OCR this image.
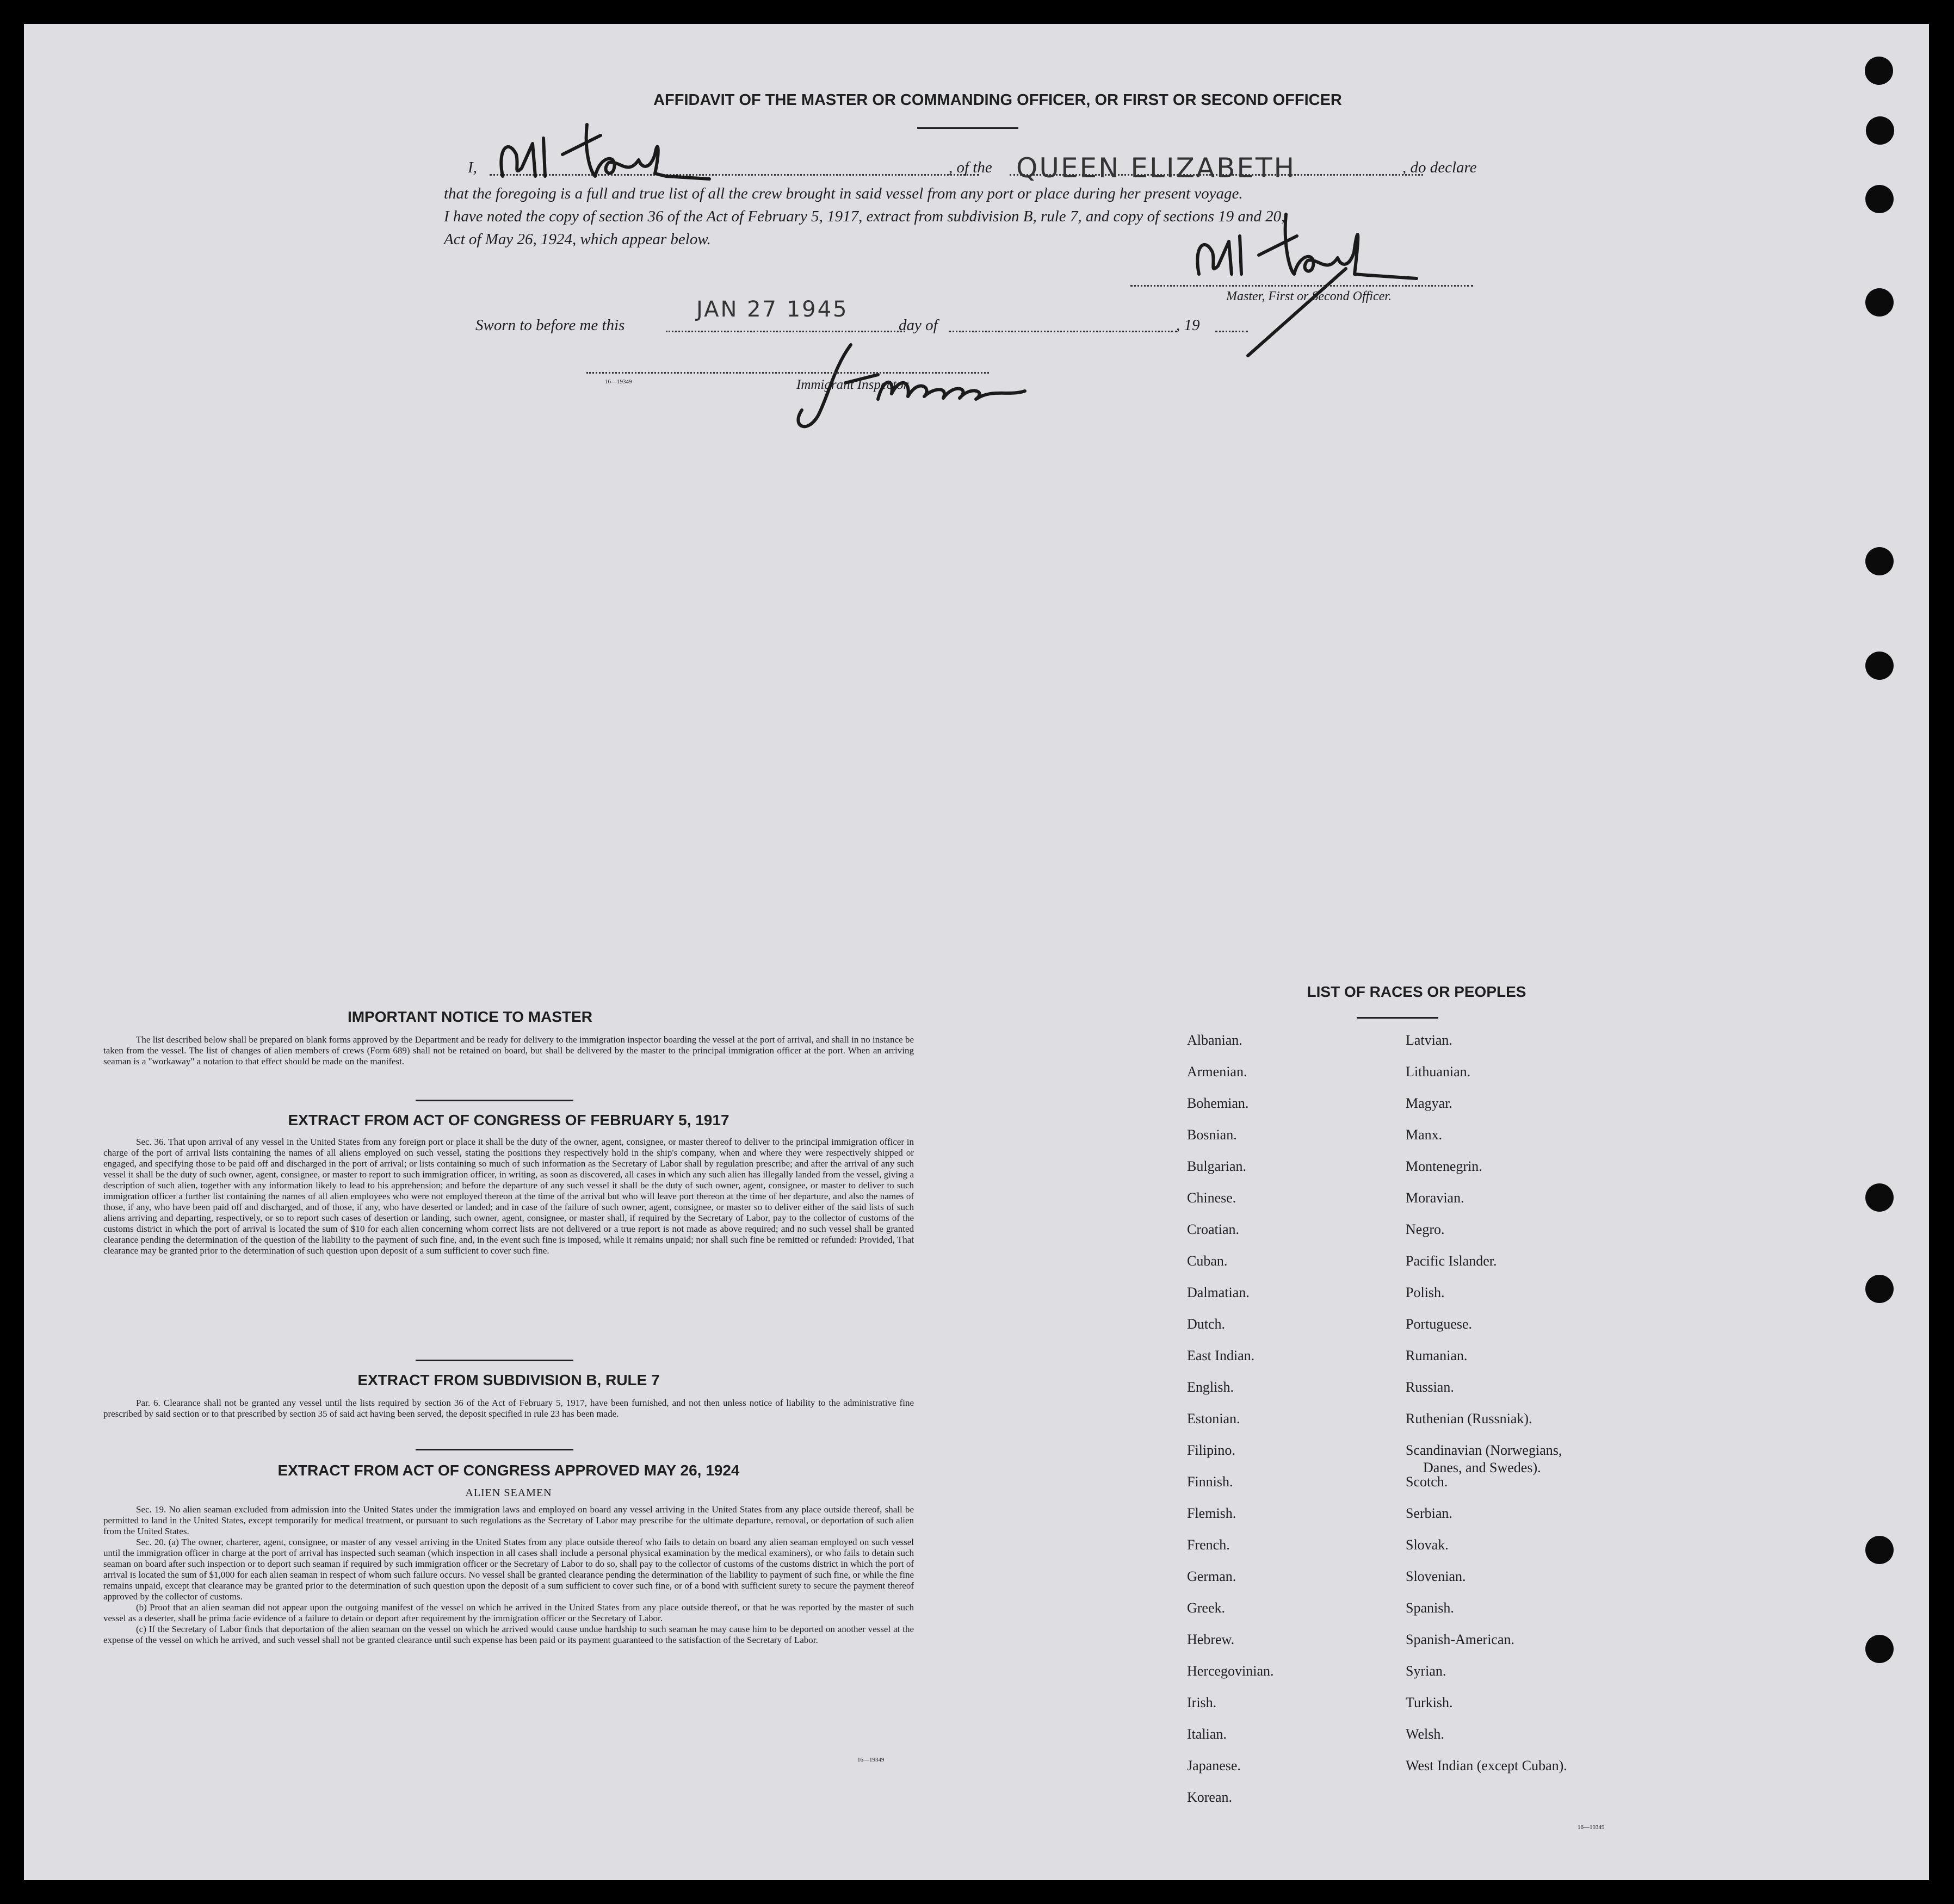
AFFIDAVIT OF THE MASTER OR COMMANDING OFFICER, OR FIRST OR SECOND OFFICER
I,	, of the QUEEN ELIZABETH	, do declare
that the foregoing is a full and true list of all the crew brought in said vessel from any port or place during her present voyage.
I have noted the copy of section 36 of the Act of February 5, 1917, extract from subdivision B, rule 7, and copy of sections 19 and 20,
Act of May 26, 1924, which appear below.
Master, First or Second Officer.
Sworn to before me this
JAN 27 1945
day of	, 19
16—19349	Immigrant Inspector.
IMPORTANT NOTICE TO MASTER
The list described below shall be prepared on blank forms approved by the Department and be ready for delivery to the immigration inspector boarding the vessel at the port of arrival, and shall in no instance be taken from the vessel. The list of changes of alien members of crews (Form 689) shall not be retained on board, but shall be delivered by the master to the principal immigration officer at the port. When an arriving seaman is a "workaway" a notation to that effect should be made on the manifest.
EXTRACT FROM ACT OF CONGRESS OF FEBRUARY 5, 1917
Sec. 36. That upon arrival of any vessel in the United States from any foreign port or place it shall be the duty of the owner, agent, consignee, or master thereof to deliver to the principal immigration officer in charge of the port of arrival lists containing the names of all aliens employed on such vessel, stating the positions they respectively hold in the ship's company, when and where they were respectively shipped or engaged, and specifying those to be paid off and discharged in the port of arrival; or lists containing so much of such information as the Secretary of Labor shall by regulation prescribe; and after the arrival of any such vessel it shall be the duty of such owner, agent, consignee, or master to report to such immigration officer, in writing, as soon as discovered, all cases in which any such alien has illegally landed from the vessel, giving a description of such alien, together with any information likely to lead to his apprehension; and before the departure of any such vessel it shall be the duty of such owner, agent, consignee, or master to deliver to such immigration officer a further list containing the names of all alien employees who were not employed thereon at the time of the arrival but who will leave port thereon at the time of her departure, and also the names of those, if any, who have been paid off and discharged, and of those, if any, who have deserted or landed; and in case of the failure of such owner, agent, consignee, or master so to deliver either of the said lists of such aliens arriving and departing, respectively, or so to report such cases of desertion or landing, such owner, agent, consignee, or master shall, if required by the Secretary of Labor, pay to the collector of customs of the customs district in which the port of arrival is located the sum of $10 for each alien concerning whom correct lists are not delivered or a true report is not made as above required; and no such vessel shall be granted clearance pending the determination of the question of the liability to the payment of such fine, and, in the event such fine is imposed, while it remains unpaid; nor shall such fine be remitted or refunded: Provided, That clearance may be granted prior to the determination of such question upon deposit of a sum sufficient to cover such fine.
EXTRACT FROM SUBDIVISION B, RULE 7
Par. 6. Clearance shall not be granted any vessel until the lists required by section 36 of the Act of February 5, 1917, have been furnished, and not then unless notice of liability to the administrative fine prescribed by said section or to that prescribed by section 35 of said act having been served, the deposit specified in rule 23 has been made.
EXTRACT FROM ACT OF CONGRESS APPROVED MAY 26, 1924
ALIEN SEAMEN
Sec. 19. No alien seaman excluded from admission into the United States under the immigration laws and employed on board any vessel arriving in the United States from any place outside thereof, shall be permitted to land in the United States, except temporarily for medical treatment, or pursuant to such regulations as the Secretary of Labor may prescribe for the ultimate departure, removal, or deportation of such alien from the United States.
Sec. 20. (a) The owner, charterer, agent, consignee, or master of any vessel arriving in the United States from any place outside thereof who fails to detain on board any alien seaman employed on such vessel until the immigration officer in charge at the port of arrival has inspected such seaman (which inspection in all cases shall include a personal physical examination by the medical examiners), or who fails to detain such seaman on board after such inspection or to deport such seaman if required by such immigration officer or the Secretary of Labor to do so, shall pay to the collector of customs of the customs district in which the port of arrival is located the sum of $1,000 for each alien seaman in respect of whom such failure occurs. No vessel shall be granted clearance pending the determination of the liability to payment of such fine, or while the fine remains unpaid, except that clearance may be granted prior to the determination of such question upon the deposit of a sum sufficient to cover such fine, or of a bond with sufficient surety to secure the payment thereof approved by the collector of customs.
(b) Proof that an alien seaman did not appear upon the outgoing manifest of the vessel on which he arrived in the United States from any place outside thereof, or that he was reported by the master of such vessel as a deserter, shall be prima facie evidence of a failure to detain or deport after requirement by the immigration officer or the Secretary of Labor.
(c) If the Secretary of Labor finds that deportation of the alien seaman on the vessel on which he arrived would cause undue hardship to such seaman he may cause him to be deported on another vessel at the expense of the vessel on which he arrived, and such vessel shall not be granted clearance until such expense has been paid or its payment guaranteed to the satisfaction of the Secretary of Labor.
16—19349
LIST OF RACES OR PEOPLES
16—19349
Albanian.
Armenian.
Bohemian.
Bosnian.
Bulgarian.
Chinese.
Croatian.
Cuban.
Dalmatian.
Dutch.
East Indian.
English.
Estonian.
Filipino.
Finnish.
Flemish.
French.
German.
Greek.
Hebrew.
Hercegovinian.
Irish.
Italian.
Japanese.
Korean.
Latvian.
Lithuanian.
Magyar.
Manx.
Montenegrin.
Moravian.
Negro.
Pacific Islander.
Polish.
Portuguese.
Rumanian.
Russian.
Ruthenian (Russniak).
Scandinavian (Norwegians,
Danes, and Swedes).
Scotch.
Serbian.
Slovak.
Slovenian.
Spanish.
Spanish-American.
Syrian.
Turkish.
Welsh.
West Indian (except Cuban).
